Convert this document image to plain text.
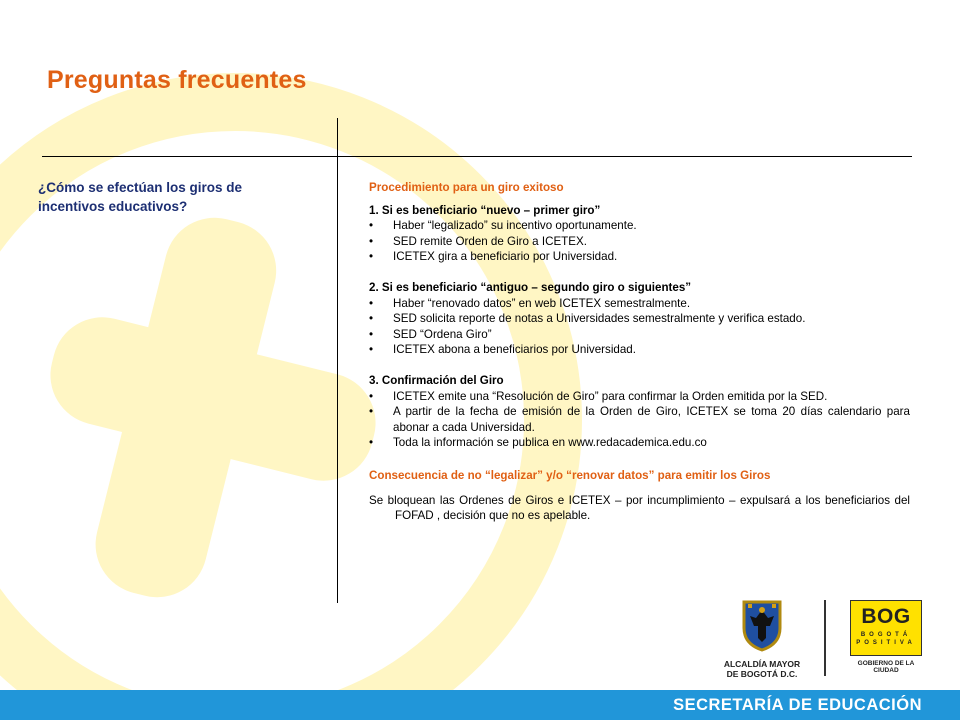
Preguntas frecuentes
¿Cómo se efectúan los giros de incentivos educativos?
Procedimiento para un giro exitoso
1. Si es beneficiario “nuevo – primer giro”
• Haber “legalizado” su incentivo oportunamente.
• SED remite Orden de Giro a ICETEX.
• ICETEX gira a beneficiario por Universidad.
2. Si es beneficiario “antiguo – segundo giro o siguientes”
• Haber “renovado datos” en web ICETEX semestralmente.
• SED solicita reporte de notas a Universidades semestralmente y verifica estado.
• SED “Ordena Giro”
• ICETEX abona a beneficiarios por Universidad.
3. Confirmación del Giro
• ICETEX emite una “Resolución de Giro” para confirmar la Orden emitida por la SED.
• A partir de la fecha de emisión de la Orden de Giro, ICETEX se toma 20 días calendario para abonar a cada Universidad.
• Toda la información se publica en www.redacademica.edu.co
Consecuencia de no “legalizar” y/o “renovar datos” para emitir los Giros
Se bloquean las Ordenes de Giros e ICETEX – por incumplimiento – expulsará a los beneficiarios del FOFAD , decisión que no es apelable.
ALCALDÍA MAYOR
DE BOGOTÁ D.C.
BOG
BOGOTÁ
POSITIVA
GOBIERNO DE LA CIUDAD
SECRETARÍA DE EDUCACIÓN
